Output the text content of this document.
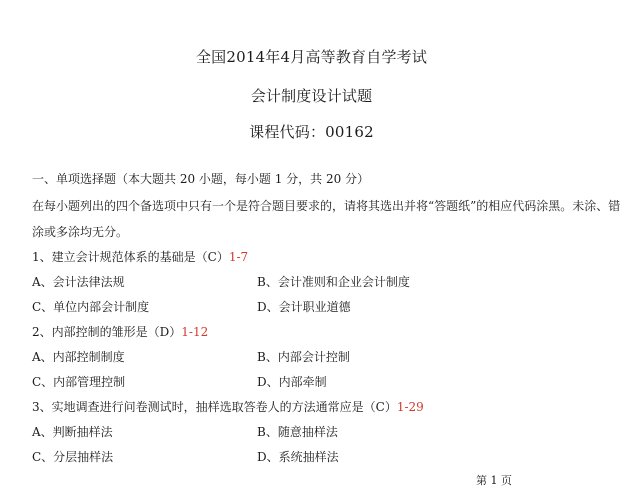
全国2014年4月高等教育自学考试
会计制度设计试题
课程代码：00162
一、单项选择题（本大题共 20 小题，每小题 1 分，共 20 分）
在每小题列出的四个备选项中只有一个是符合题目要求的，请将其选出并将“答题纸”的相应代码涂黑。未涂、错
涂或多涂均无分。
1、建立会计规范体系的基础是（C）1-7
A、会计法律法规	B、会计准则和企业会计制度
C、单位内部会计制度	D、会计职业道德
2、内部控制的雏形是（D）1-12
A、内部控制制度	B、内部会计控制
C、内部管理控制	D、内部牵制
3、实地调查进行问卷测试时，抽样选取答卷人的方法通常应是（C）1-29
A、判断抽样法	B、随意抽样法
C、分层抽样法	D、系统抽样法
第 1 页
